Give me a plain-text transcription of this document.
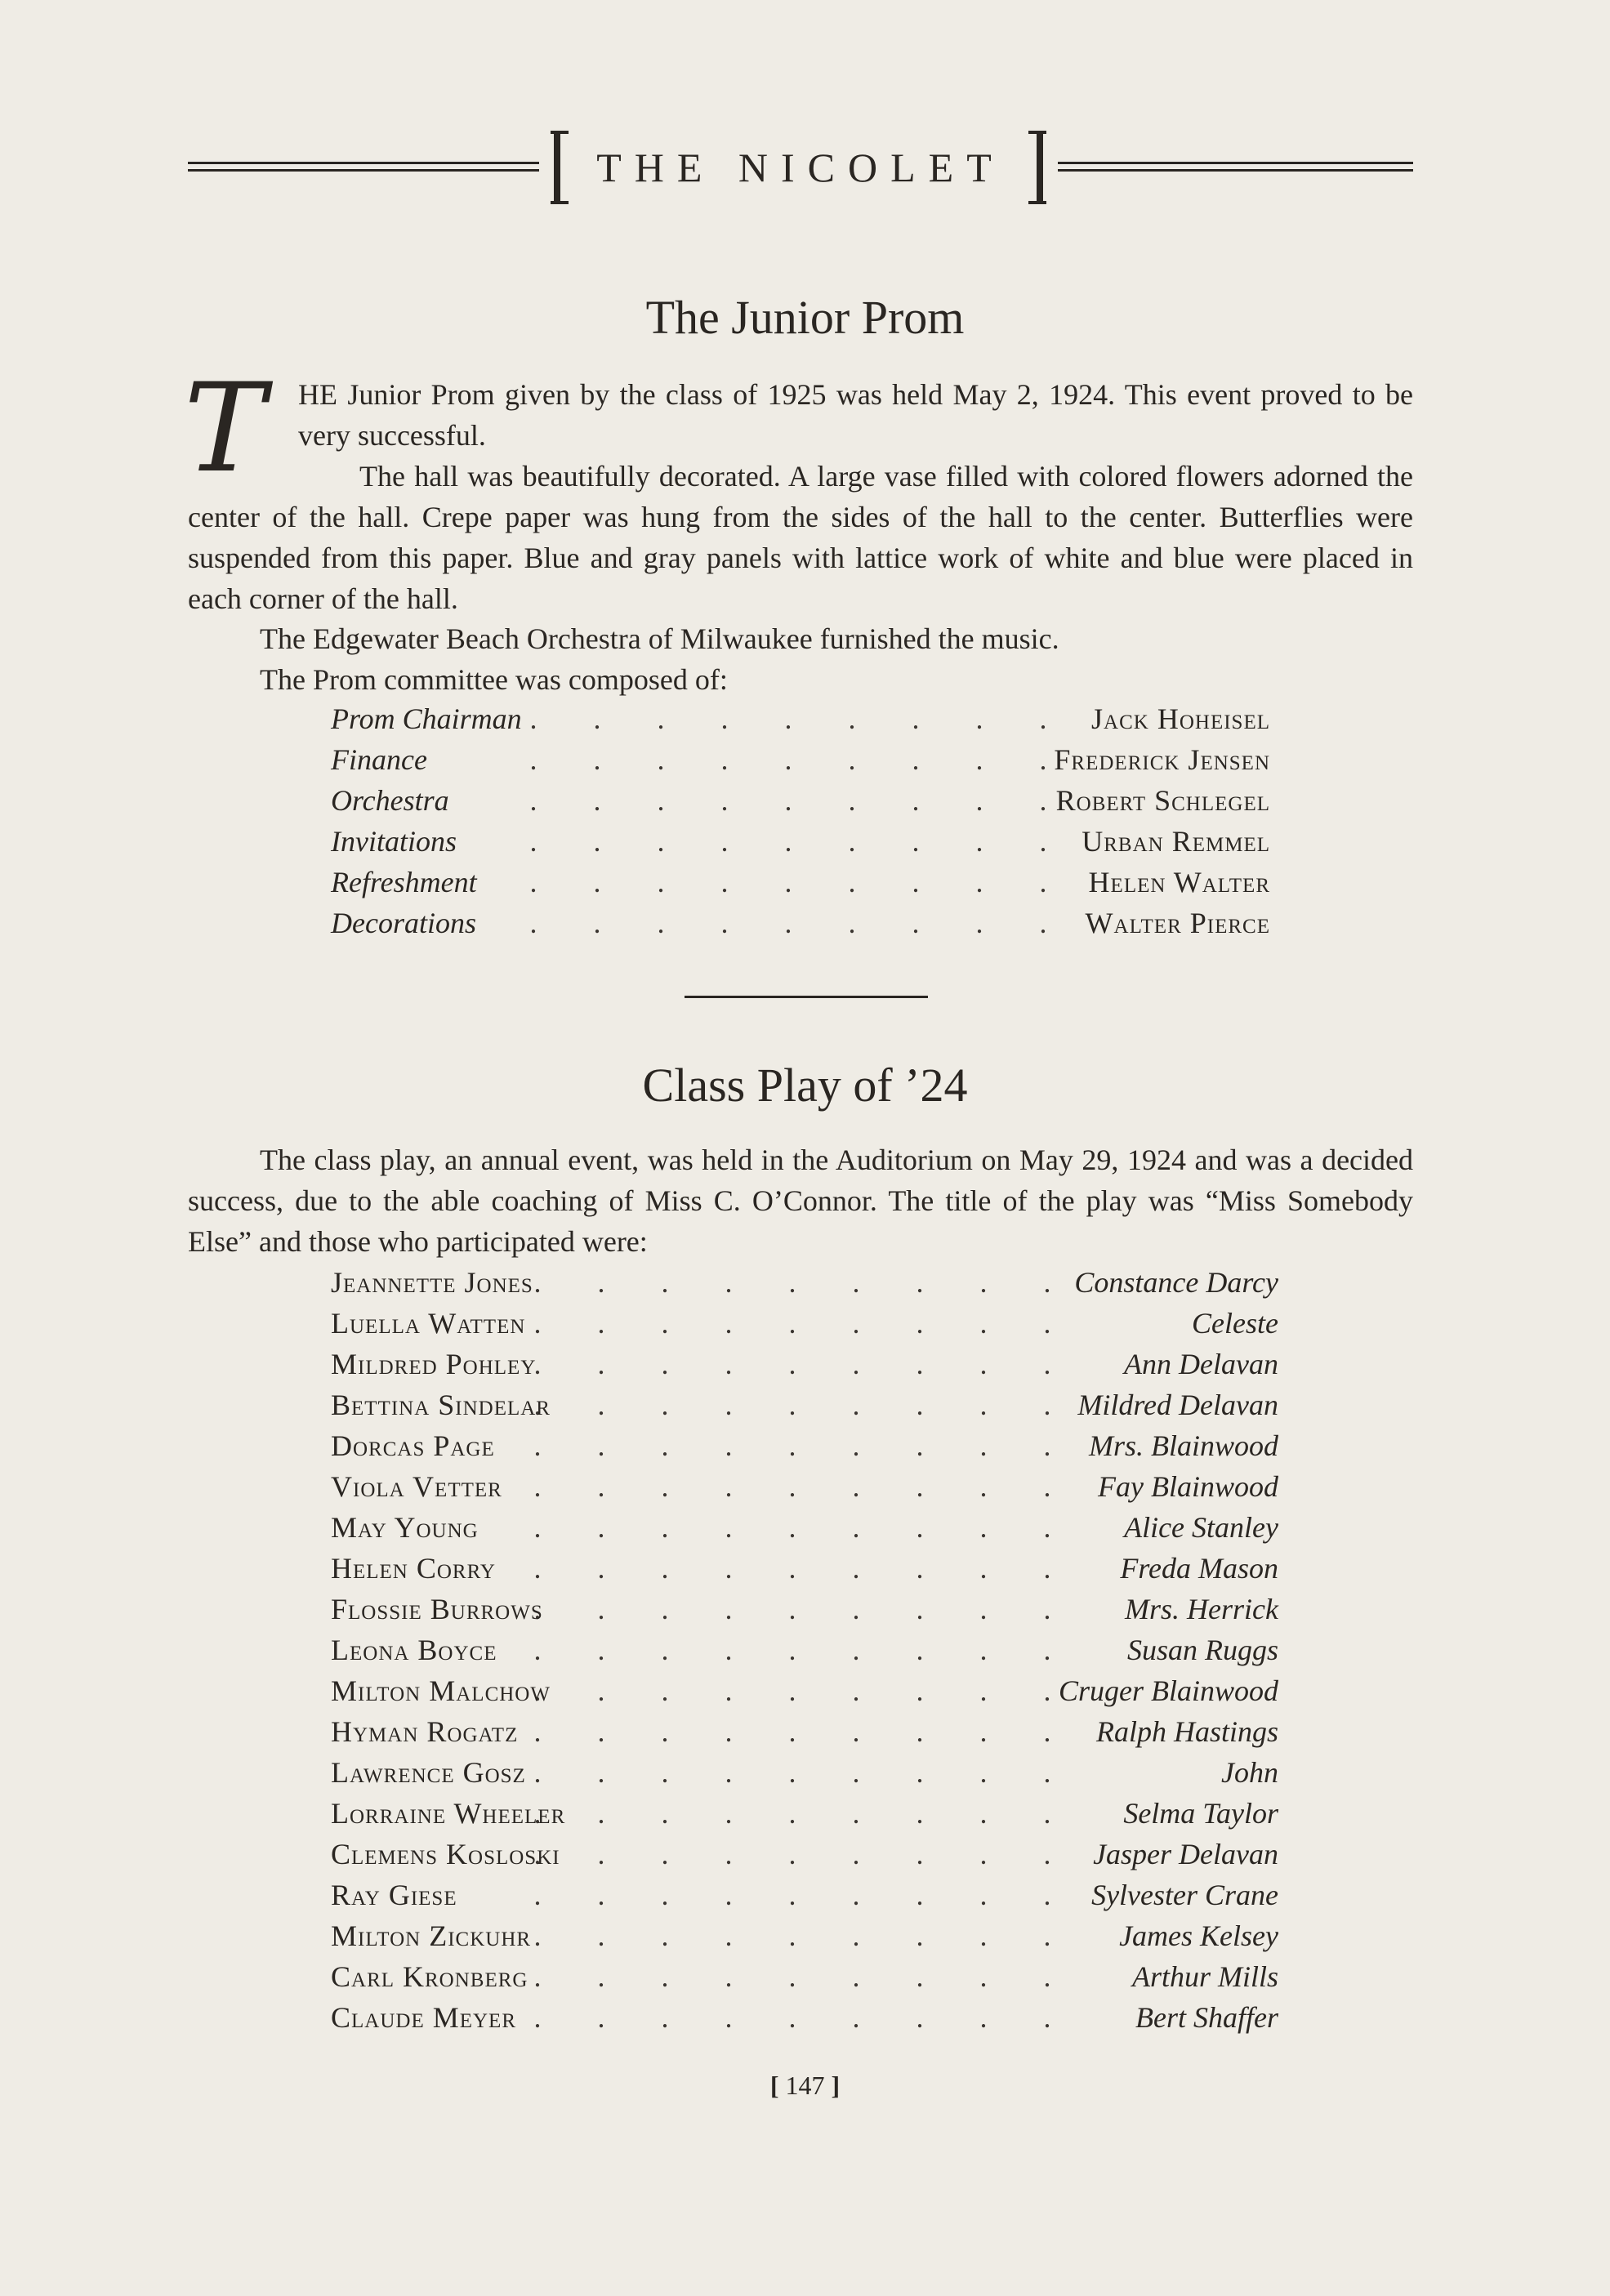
THE NICOLET
The Junior Prom
T HE Junior Prom given by the class of 1925 was held May 2, 1924. This event proved to be very successful.
The hall was beautifully decorated. A large vase filled with colored flowers adorned the center of the hall. Crepe paper was hung from the sides of the hall to the center. Butterflies were suspended from this paper. Blue and gray panels with lattice work of white and blue were placed in each corner of the hall.
The Edgewater Beach Orchestra of Milwaukee furnished the music.
The Prom committee was composed of:
. . . . . . . . .
Prom Chairman	Jack Hoheisel
. . . . . . . . .
Finance	Frederick Jensen
. . . . . . . . .
Orchestra	Robert Schlegel
. . . . . . . . .
Invitations	Urban Remmel
. . . . . . . . .
Refreshment	Helen Walter
. . . . . . . . .
Decorations	Walter Pierce
Class Play of ’24
The class play, an annual event, was held in the Auditorium on May 29, 1924 and was a decided success, due to the able coaching of Miss C. O’Connor. The title of the play was “Miss Somebody Else” and those who participated were:
. . . . . . . . .
Jeannette Jones	Constance Darcy
. . . . . . . . .
Luella Watten	Celeste
. . . . . . . . .
Mildred Pohley	Ann Delavan
. . . . . . . . .
Bettina Sindelar	Mildred Delavan
. . . . . . . . .
Dorcas Page	Mrs. Blainwood
. . . . . . . . .
Viola Vetter	Fay Blainwood
. . . . . . . . .
May Young	Alice Stanley
. . . . . . . . .
Helen Corry	Freda Mason
. . . . . . . . .
Flossie Burrows	Mrs. Herrick
. . . . . . . . .
Leona Boyce	Susan Ruggs
. . . . . . . . .
Milton Malchow	Cruger Blainwood
. . . . . . . . .
Hyman Rogatz	Ralph Hastings
. . . . . . . . .
Lawrence Gosz	John
. . . . . . . . .
Lorraine Wheeler	Selma Taylor
. . . . . . . . .
Clemens Kosloski	Jasper Delavan
. . . . . . . . .
Ray Giese	Sylvester Crane
. . . . . . . . .
Milton Zickuhr	James Kelsey
. . . . . . . . .
Carl Kronberg	Arthur Mills
. . . . . . . . .
Claude Meyer	Bert Shaffer
[ 147 ]
